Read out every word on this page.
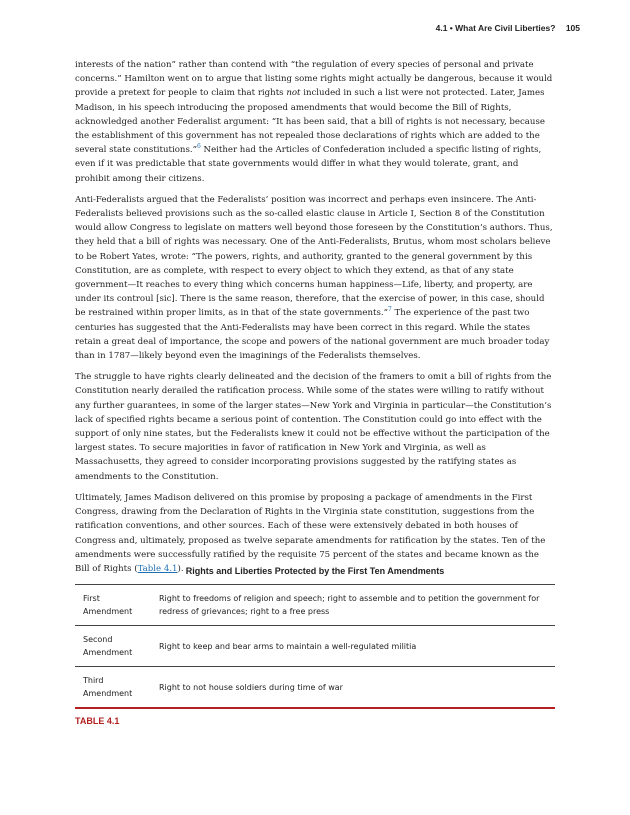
4.1 • What Are Civil Liberties? 105

interests of the nation” rather than contend with “the regulation of every species of personal and private concerns.” Hamilton went on to argue that listing some rights might actually be dangerous, because it would provide a pretext for people to claim that rights not included in such a list were not protected. Later, James Madison, in his speech introducing the proposed amendments that would become the Bill of Rights, acknowledged another Federalist argument: “It has been said, that a bill of rights is not necessary, because the establishment of this government has not repealed those declarations of rights which are added to the several state constitutions.”$^6$ Neither had the Articles of Confederation included a specific listing of rights, even if it was predictable that state governments would differ in what they would tolerate, grant, and prohibit among their citizens.

Anti-Federalists argued that the Federalists’ position was incorrect and perhaps even insincere. The Anti-Federalists believed provisions such as the so-called elastic clause in Article I, Section 8 of the Constitution would allow Congress to legislate on matters well beyond those foreseen by the Constitution’s authors. Thus, they held that a bill of rights was necessary. One of the Anti-Federalists, Brutus, whom most scholars believe to be Robert Yates, wrote: “The powers, rights, and authority, granted to the general government by this Constitution, are as complete, with respect to every object to which they extend, as that of any state government—It reaches to every thing which concerns human happiness—Life, liberty, and property, are under its controul [sic]. There is the same reason, therefore, that the exercise of power, in this case, should be restrained within proper limits, as in that of the state governments.”$^7$ The experience of the past two centuries has suggested that the Anti-Federalists may have been correct in this regard. While the states retain a great deal of importance, the scope and powers of the national government are much broader today than in 1787—likely beyond even the imaginings of the Federalists themselves.

The struggle to have rights clearly delineated and the decision of the framers to omit a bill of rights from the Constitution nearly derailed the ratification process. While some of the states were willing to ratify without any further guarantees, in some of the larger states—New York and Virginia in particular—the Constitution’s lack of specified rights became a serious point of contention. The Constitution could go into effect with the support of only nine states, but the Federalists knew it could not be effective without the participation of the largest states. To secure majorities in favor of ratification in New York and Virginia, as well as Massachusetts, they agreed to consider incorporating provisions suggested by the ratifying states as amendments to the Constitution.

Ultimately, James Madison delivered on this promise by proposing a package of amendments in the First Congress, drawing from the Declaration of Rights in the Virginia state constitution, suggestions from the ratification conventions, and other sources. Each of these were extensively debated in both houses of Congress and, ultimately, proposed as twelve separate amendments for ratification by the states. Ten of the amendments were successfully ratified by the requisite 75 percent of the states and became known as the Bill of Rights (Table 4.1). Rights and Liberties Protected by the First Ten Amendments
First Amendment	Right to freedoms of religion and speech; right to assemble and to petition the government for redress of grievances; right to a free press
Second Amendment	Right to keep and bear arms to maintain a well-regulated militia
Third Amendment	Right to not house soldiers during time of war
TABLE 4.1
